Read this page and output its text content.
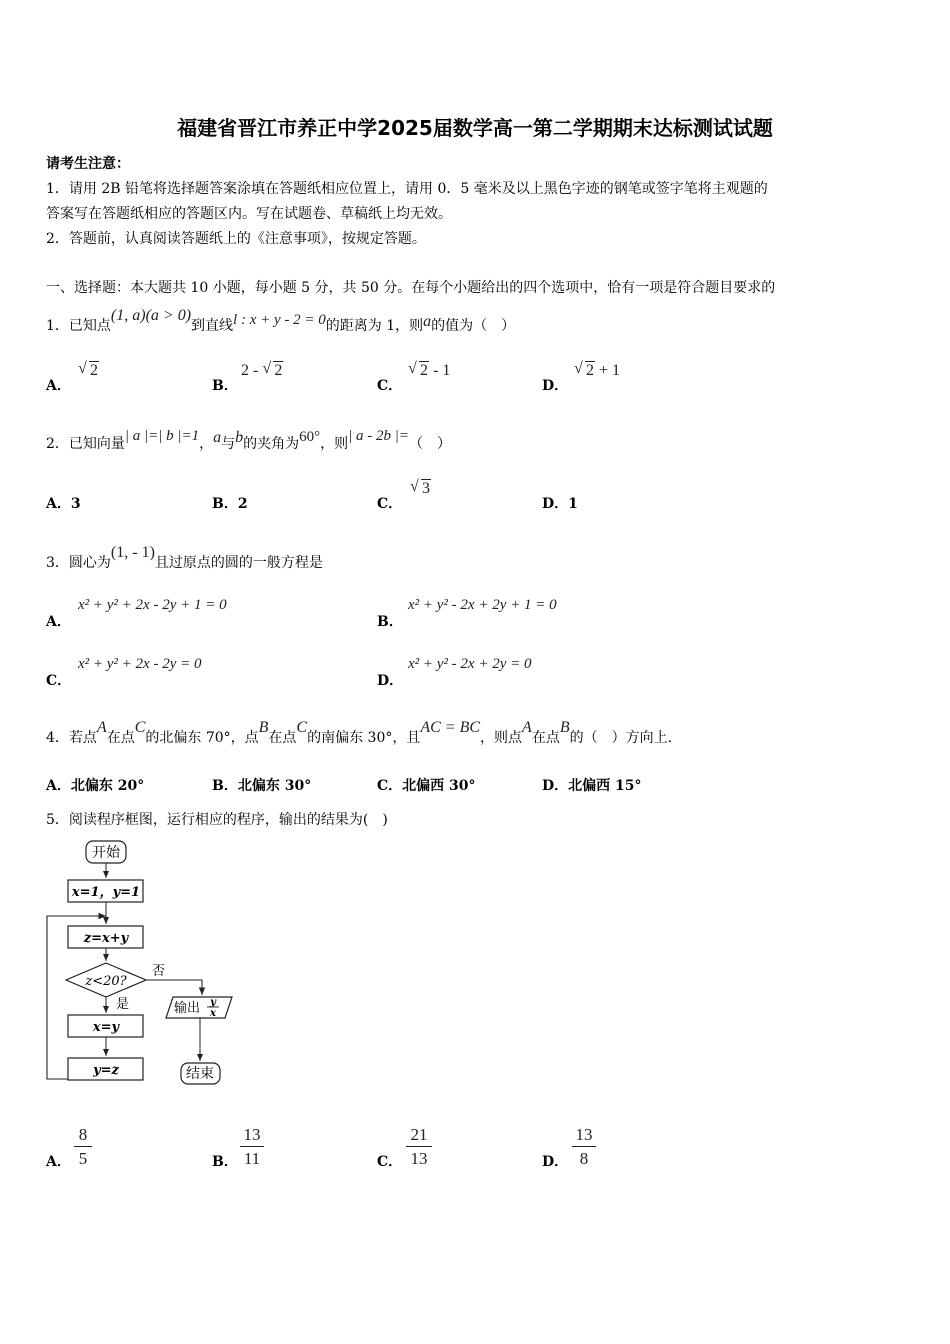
福建省晋江市养正中学2025届数学高一第二学期期末达标测试试题
请考生注意：
1．请用 2B 铅笔将选择题答案涂填在答题纸相应位置上，请用 0．5 毫米及以上黑色字迹的钢笔或签字笔将主观题的
答案写在答题纸相应的答题区内。写在试题卷、草稿纸上均无效。
2．答题前，认真阅读答题纸上的《注意事项》，按规定答题。
一、选择题：本大题共 10 小题，每小题 5 分，共 50 分。在每个小题给出的四个选项中，恰有一项是符合题目要求的
1．已知点(1, a)(a > 0)到直线l : x + y - 2 = 0的距离为 1，则a的值为（　）
A．
√ 2
B．
2 - √ 2
C．
√ 2 - 1
D．
√ 2 + 1
2．已知向量| a |=| b |=1，a与b的夹角为60°，则| a - 2b |=（　）
A．3	B．2	C．
√ 3
D．1
3．圆心为(1, - 1)且过原点的圆的一般方程是
A．
x² + y² + 2x - 2y + 1 = 0
B．
x² + y² - 2x + 2y + 1 = 0
C．
x² + y² + 2x - 2y = 0
D．
x² + y² - 2x + 2y = 0
4．若点A在点C的北偏东 70°，点B在点C的南偏东 30°，且AC = BC，则点A在点B的（　）方向上.
A．北偏东 20°	B．北偏东 30°	C．北偏西 30°	D．北偏西 15°
5．阅读程序框图，运行相应的程序，输出的结果为(　)
开始
x=1，y=1
z=x+y
z<20?
否
输出 y
x
结束
是
x=y
y=z
A． $\frac{8}{5}$	B． $\frac{13}{11}$	C． $\frac{21}{13}$	D． $\frac{13}{8}$
